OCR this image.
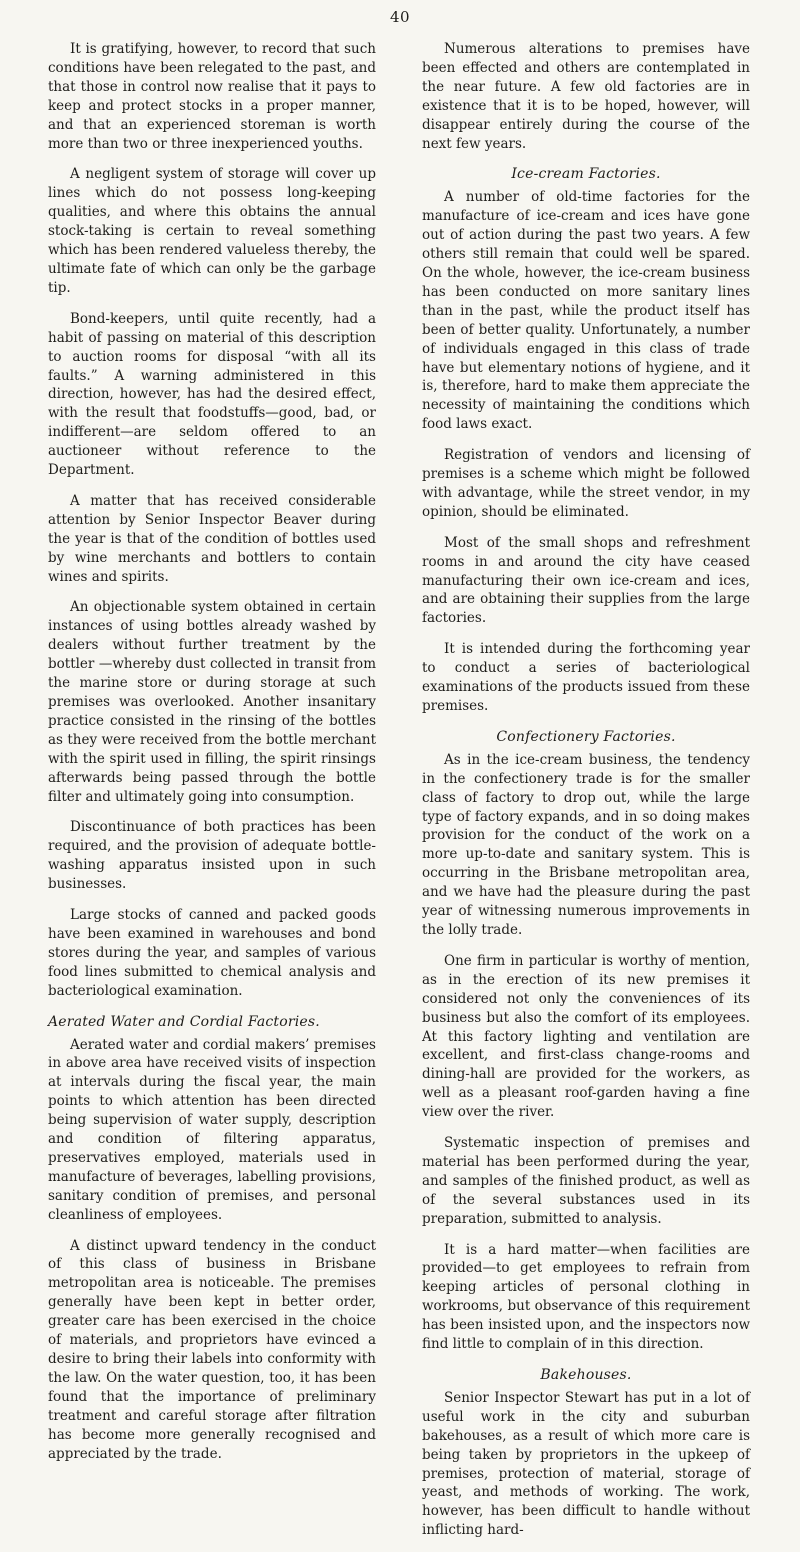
40

It is gratifying, however, to record that such conditions have been relegated to the past, and that those in control now realise that it pays to keep and protect stocks in a proper manner, and that an experienced storeman is worth more than two or three inexperienced youths.

A negligent system of storage will cover up lines which do not possess long-keeping qualities, and where this obtains the annual stock-taking is certain to reveal something which has been rendered valueless thereby, the ultimate fate of which can only be the garbage tip.

Bond-keepers, until quite recently, had a habit of passing on material of this description to auction rooms for disposal “with all its faults.” A warning administered in this direction, however, has had the desired effect, with the result that foodstuffs—good, bad, or indifferent—are seldom offered to an auctioneer without reference to the Department.

A matter that has received considerable attention by Senior Inspector Beaver during the year is that of the condition of bottles used by wine merchants and bottlers to contain wines and spirits.

An objectionable system obtained in certain instances of using bottles already washed by dealers without further treatment by the bottler —whereby dust collected in transit from the marine store or during storage at such premises was overlooked. Another insanitary practice consisted in the rinsing of the bottles as they were received from the bottle merchant with the spirit used in filling, the spirit rinsings afterwards being passed through the bottle filter and ultimately going into consumption.

Discontinuance of both practices has been required, and the provision of adequate bottle-washing apparatus insisted upon in such businesses.

Large stocks of canned and packed goods have been examined in warehouses and bond stores during the year, and samples of various food lines submitted to chemical analysis and bacteriological examination.

Aerated Water and Cordial Factories.

Aerated water and cordial makers’ premises in above area have received visits of inspection at intervals during the fiscal year, the main points to which attention has been directed being supervision of water supply, description and condition of filtering apparatus, preservatives employed, materials used in manufacture of beverages, labelling provisions, sanitary condition of premises, and personal cleanliness of employees.

A distinct upward tendency in the conduct of this class of business in Brisbane metropolitan area is noticeable. The premises generally have been kept in better order, greater care has been exercised in the choice of materials, and proprietors have evinced a desire to bring their labels into conformity with the law. On the water question, too, it has been found that the importance of preliminary treatment and careful storage after filtration has become more generally recognised and appreciated by the trade.

Numerous alterations to premises have been effected and others are contemplated in the near future. A few old factories are in existence that it is to be hoped, however, will disappear entirely during the course of the next few years.

Ice-cream Factories.

A number of old-time factories for the manufacture of ice-cream and ices have gone out of action during the past two years. A few others still remain that could well be spared. On the whole, however, the ice-cream business has been conducted on more sanitary lines than in the past, while the product itself has been of better quality. Unfortunately, a number of individuals engaged in this class of trade have but elementary notions of hygiene, and it is, therefore, hard to make them appreciate the necessity of maintaining the conditions which food laws exact.

Registration of vendors and licensing of premises is a scheme which might be followed with advantage, while the street vendor, in my opinion, should be eliminated.

Most of the small shops and refreshment rooms in and around the city have ceased manufacturing their own ice-cream and ices, and are obtaining their supplies from the large factories.

It is intended during the forthcoming year to conduct a series of bacteriological examinations of the products issued from these premises.

Confectionery Factories.

As in the ice-cream business, the tendency in the confectionery trade is for the smaller class of factory to drop out, while the large type of factory expands, and in so doing makes provision for the conduct of the work on a more up-to-date and sanitary system. This is occurring in the Brisbane metropolitan area, and we have had the pleasure during the past year of witnessing numerous improvements in the lolly trade.

One firm in particular is worthy of mention, as in the erection of its new premises it considered not only the conveniences of its business but also the comfort of its employees. At this factory lighting and ventilation are excellent, and first-class change-rooms and dining-hall are provided for the workers, as well as a pleasant roof-garden having a fine view over the river.

Systematic inspection of premises and material has been performed during the year, and samples of the finished product, as well as of the several substances used in its preparation, submitted to analysis.

It is a hard matter—when facilities are provided—to get employees to refrain from keeping articles of personal clothing in workrooms, but observance of this requirement has been insisted upon, and the inspectors now find little to complain of in this direction.

Bakehouses.

Senior Inspector Stewart has put in a lot of useful work in the city and suburban bakehouses, as a result of which more care is being taken by proprietors in the upkeep of premises, protection of material, storage of yeast, and methods of working. The work, however, has been difficult to handle without inflicting hard-
